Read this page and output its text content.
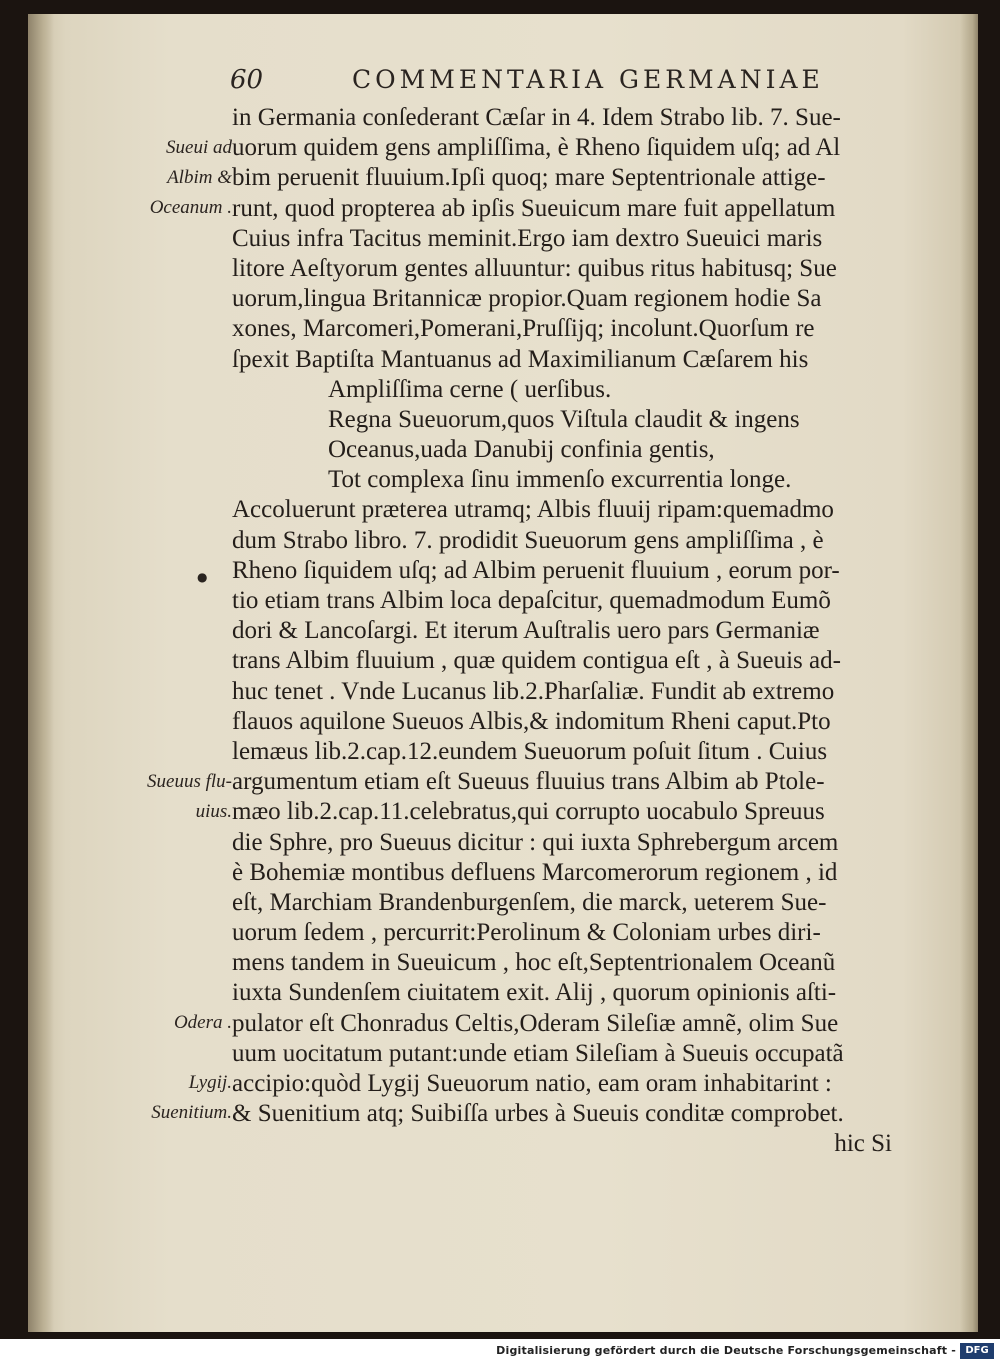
60	COMMENTARIA GERMANIAE
Sueui ad
Albim &
Oceanum .
●
Sueuus flu-
uius.
Odera .
Lygij.
Suenitium.
in Germania conſederant Cæſar in 4. Idem Strabo lib. 7. Sue-
uorum quidem gens ampliſſima, è Rheno ſiquidem uſq; ad Al
bim peruenit fluuium.Ipſi quoq; mare Septentrionale attige-
runt, quod propterea ab ipſis Sueuicum mare fuit appellatum
Cuius infra Tacitus meminit.Ergo iam dextro Sueuici maris
litore Aeſtyorum gentes alluuntur: quibus ritus habitusq; Sue
uorum,lingua Britannicæ propior.Quam regionem hodie Sa
xones, Marcomeri,Pomerani,Pruſſijq; incolunt.Quorſum re
ſpexit Baptiſta Mantuanus ad Maximilianum Cæſarem his
Ampliſſima cerne ( uerſibus.
Regna Sueuorum,quos Viſtula claudit & ingens
Oceanus,uada Danubij confinia gentis,
Tot complexa ſinu immenſo excurrentia longe.
Accoluerunt præterea utramq; Albis fluuij ripam:quemadmo
dum Strabo libro. 7. prodidit Sueuorum gens ampliſſima , è
Rheno ſiquidem uſq; ad Albim peruenit fluuium , eorum por-
tio etiam trans Albim loca depaſcitur, quemadmodum Eumõ
dori & Lancoſargi. Et iterum Auſtralis uero pars Germaniæ
trans Albim fluuium , quæ quidem contigua eſt , à Sueuis ad-
huc tenet . Vnde Lucanus lib.2.Pharſaliæ. Fundit ab extremo
flauos aquilone Sueuos Albis,& indomitum Rheni caput.Pto
lemæus lib.2.cap.12.eundem Sueuorum poſuit ſitum . Cuius
argumentum etiam eſt Sueuus fluuius trans Albim ab Ptole-
mæo lib.2.cap.11.celebratus,qui corrupto uocabulo Spreuus
die Sphre, pro Sueuus dicitur : qui iuxta Sphrebergum arcem
è Bohemiæ montibus defluens Marcomerorum regionem , id
eſt, Marchiam Brandenburgenſem, die marck, ueterem Sue-
uorum ſedem , percurrit:Perolinum & Coloniam urbes diri-
mens tandem in Sueuicum , hoc eſt,Septentrionalem Oceanũ
iuxta Sundenſem ciuitatem exit. Alij , quorum opinionis aſti-
pulator eſt Chonradus Celtis,Oderam Sileſiæ amnẽ, olim Sue
uum uocitatum putant:unde etiam Sileſiam à Sueuis occupatã
accipio:quòd Lygij Sueuorum natio, eam oram inhabitarint :
& Suenitium atq; Suibiſſa urbes à Sueuis conditæ comprobet.
hic Si
Digitalisierung gefördert durch die Deutsche Forschungsgemeinschaft - DFG
